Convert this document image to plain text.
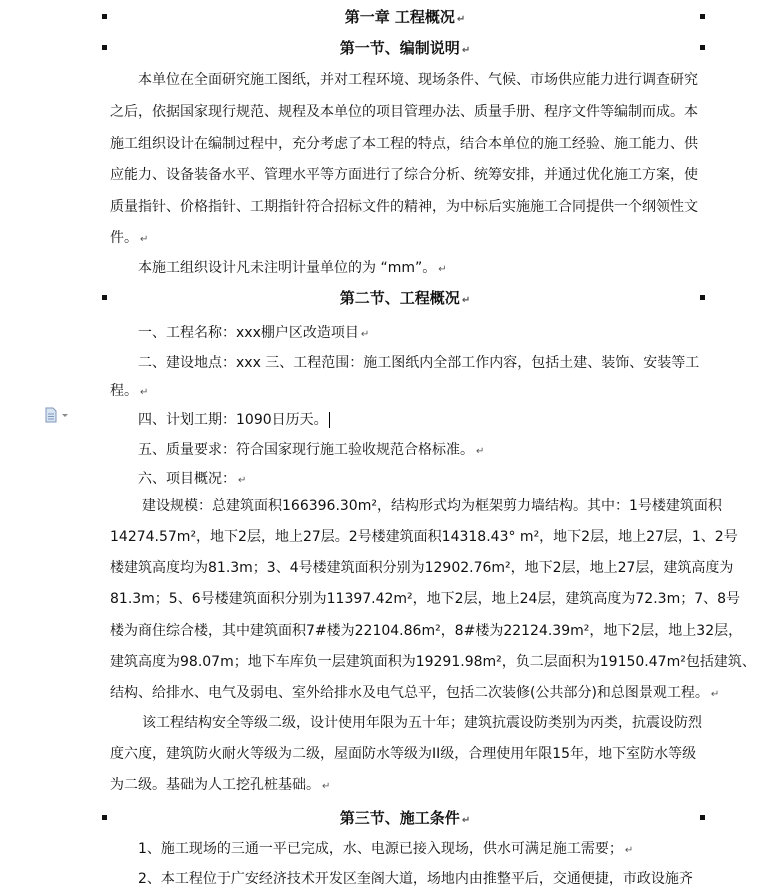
第一章 工程概况 ↵
第一节、编制说明 ↵
本单位在全面研究施工图纸，并对工程环境、现场条件、气候、市场供应能力进行调查研究
之后，依据国家现行规范、规程及本单位的项目管理办法、质量手册、程序文件等编制而成。本
施工组织设计在编制过程中，充分考虑了本工程的特点，结合本单位的施工经验、施工能力、供
应能力、设备装备水平、管理水平等方面进行了综合分析、统筹安排，并通过优化施工方案，使
质量指针、价格指针、工期指针符合招标文件的精神，为中标后实施施工合同提供一个纲领性文
件。 ↵
本施工组织设计凡未注明计量单位的为 “mm”。 ↵
第二节、工程概况 ↵
一、工程名称：xxx棚户区改造项目 ↵
二、建设地点：xxx 三、工程范围：施工图纸内全部工作内容，包括土建、装饰、安装等工
程。 ↵
四、计划工期：1090日历天。
五、质量要求：符合国家现行施工验收规范合格标准。 ↵
六、项目概况： ↵
建设规模：总建筑面积166396.30m²，结构形式均为框架剪力墙结构。其中：1号楼建筑面积
14274.57m²，地下2层，地上27层。2号楼建筑面积14318.43° m²，地下2层，地上27层，1、2号
楼建筑高度均为81.3m；3、4号楼建筑面积分别为12902.76m²，地下2层，地上27层，建筑高度为
81.3m；5、6号楼建筑面积分别为11397.42m²，地下2层，地上24层，建筑高度为72.3m；7、8号
楼为商住综合楼，其中建筑面积7#楼为22104.86m²，8#楼为22124.39m²，地下2层，地上32层，
建筑高度为98.07m；地下车库负一层建筑面积为19291.98m²，负二层面积为19150.47m²包括建筑、
结构、给排水、电气及弱电、室外给排水及电气总平，包括二次装修(公共部分)和总图景观工程。 ↵
该工程结构安全等级二级，设计使用年限为五十年；建筑抗震设防类别为丙类，抗震设防烈
度六度，建筑防火耐火等级为二级，屋面防水等级为II级，合理使用年限15年，地下室防水等级
为二级。基础为人工挖孔桩基础。 ↵
第三节、施工条件 ↵
1、施工现场的三通一平已完成，水、电源已接入现场，供水可满足施工需要； ↵
2、本工程位于广安经济技术开发区奎阁大道，场地内由推整平后，交通便捷，市政设施齐
